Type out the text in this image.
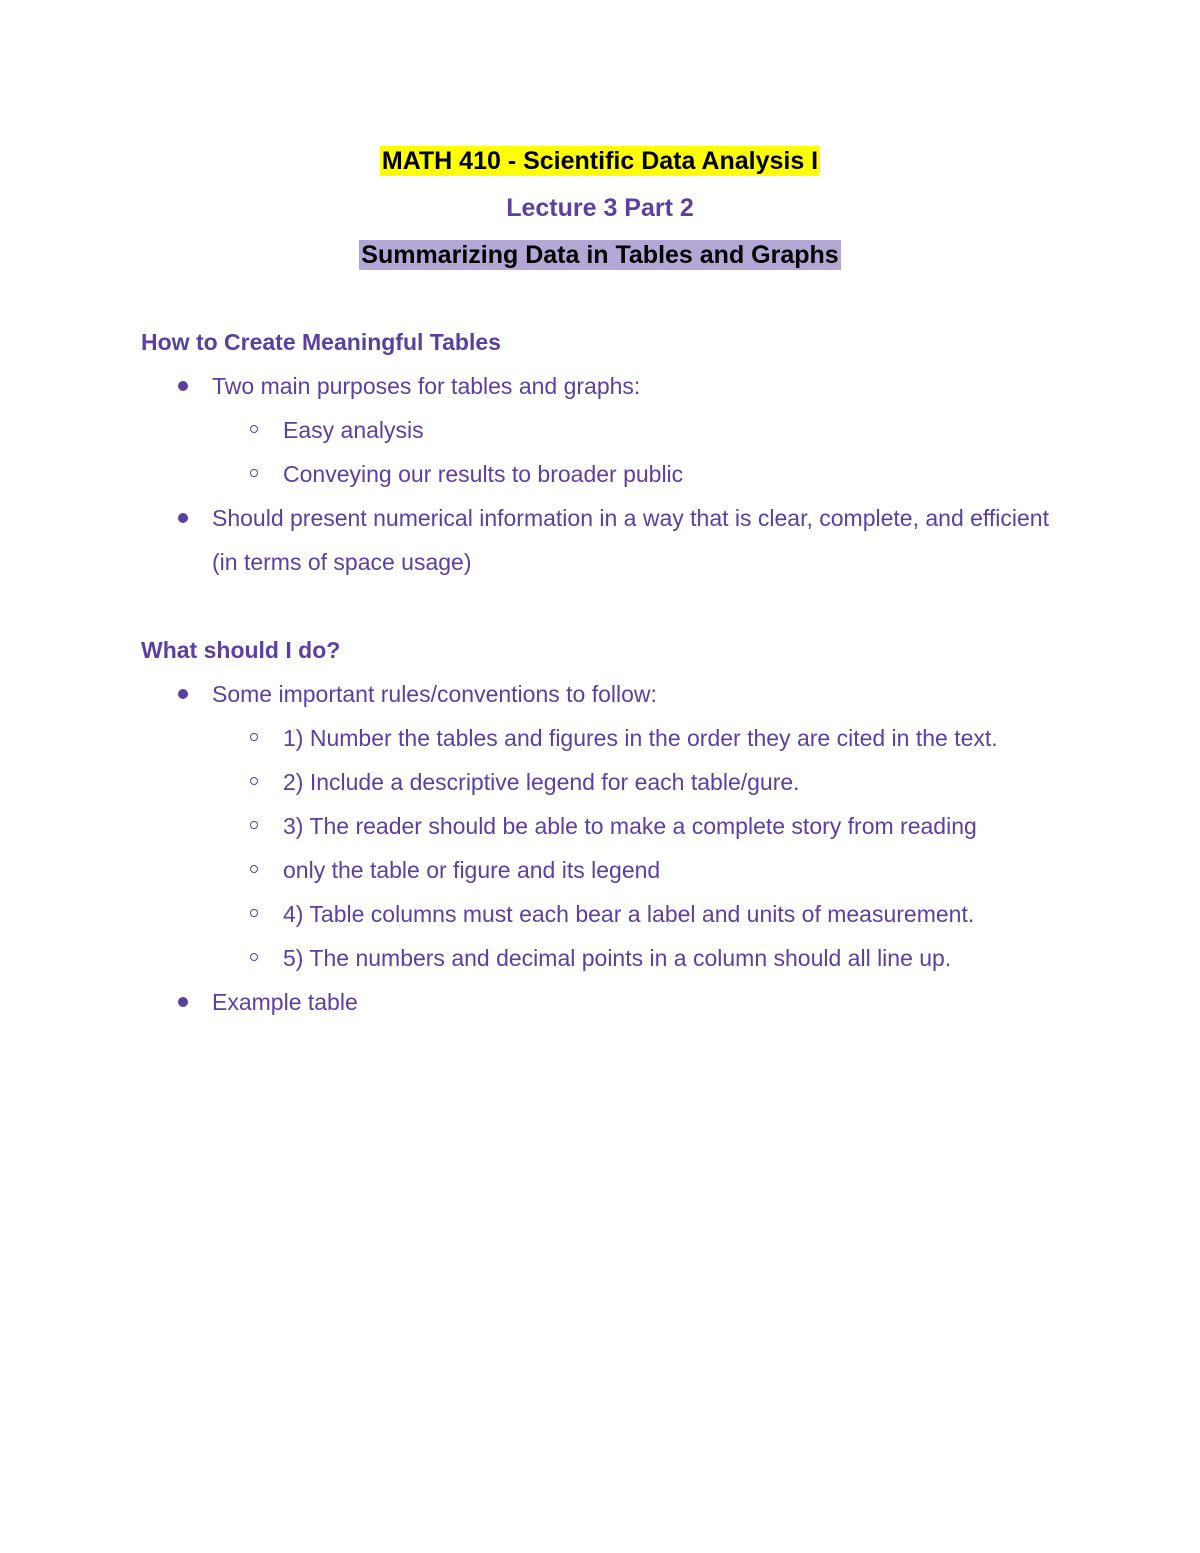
MATH 410 - Scientific Data Analysis I
Lecture 3 Part 2
Summarizing Data in Tables and Graphs
How to Create Meaningful Tables
Two main purposes for tables and graphs:
Easy analysis
Conveying our results to broader public
Should present numerical information in a way that is clear, complete, and efficient (in terms of space usage)
What should I do?
Some important rules/conventions to follow:
1) Number the tables and figures in the order they are cited in the text.
2) Include a descriptive legend for each table/gure.
3) The reader should be able to make a complete story from reading
only the table or figure and its legend
4) Table columns must each bear a label and units of measurement.
5) The numbers and decimal points in a column should all line up.
Example table
